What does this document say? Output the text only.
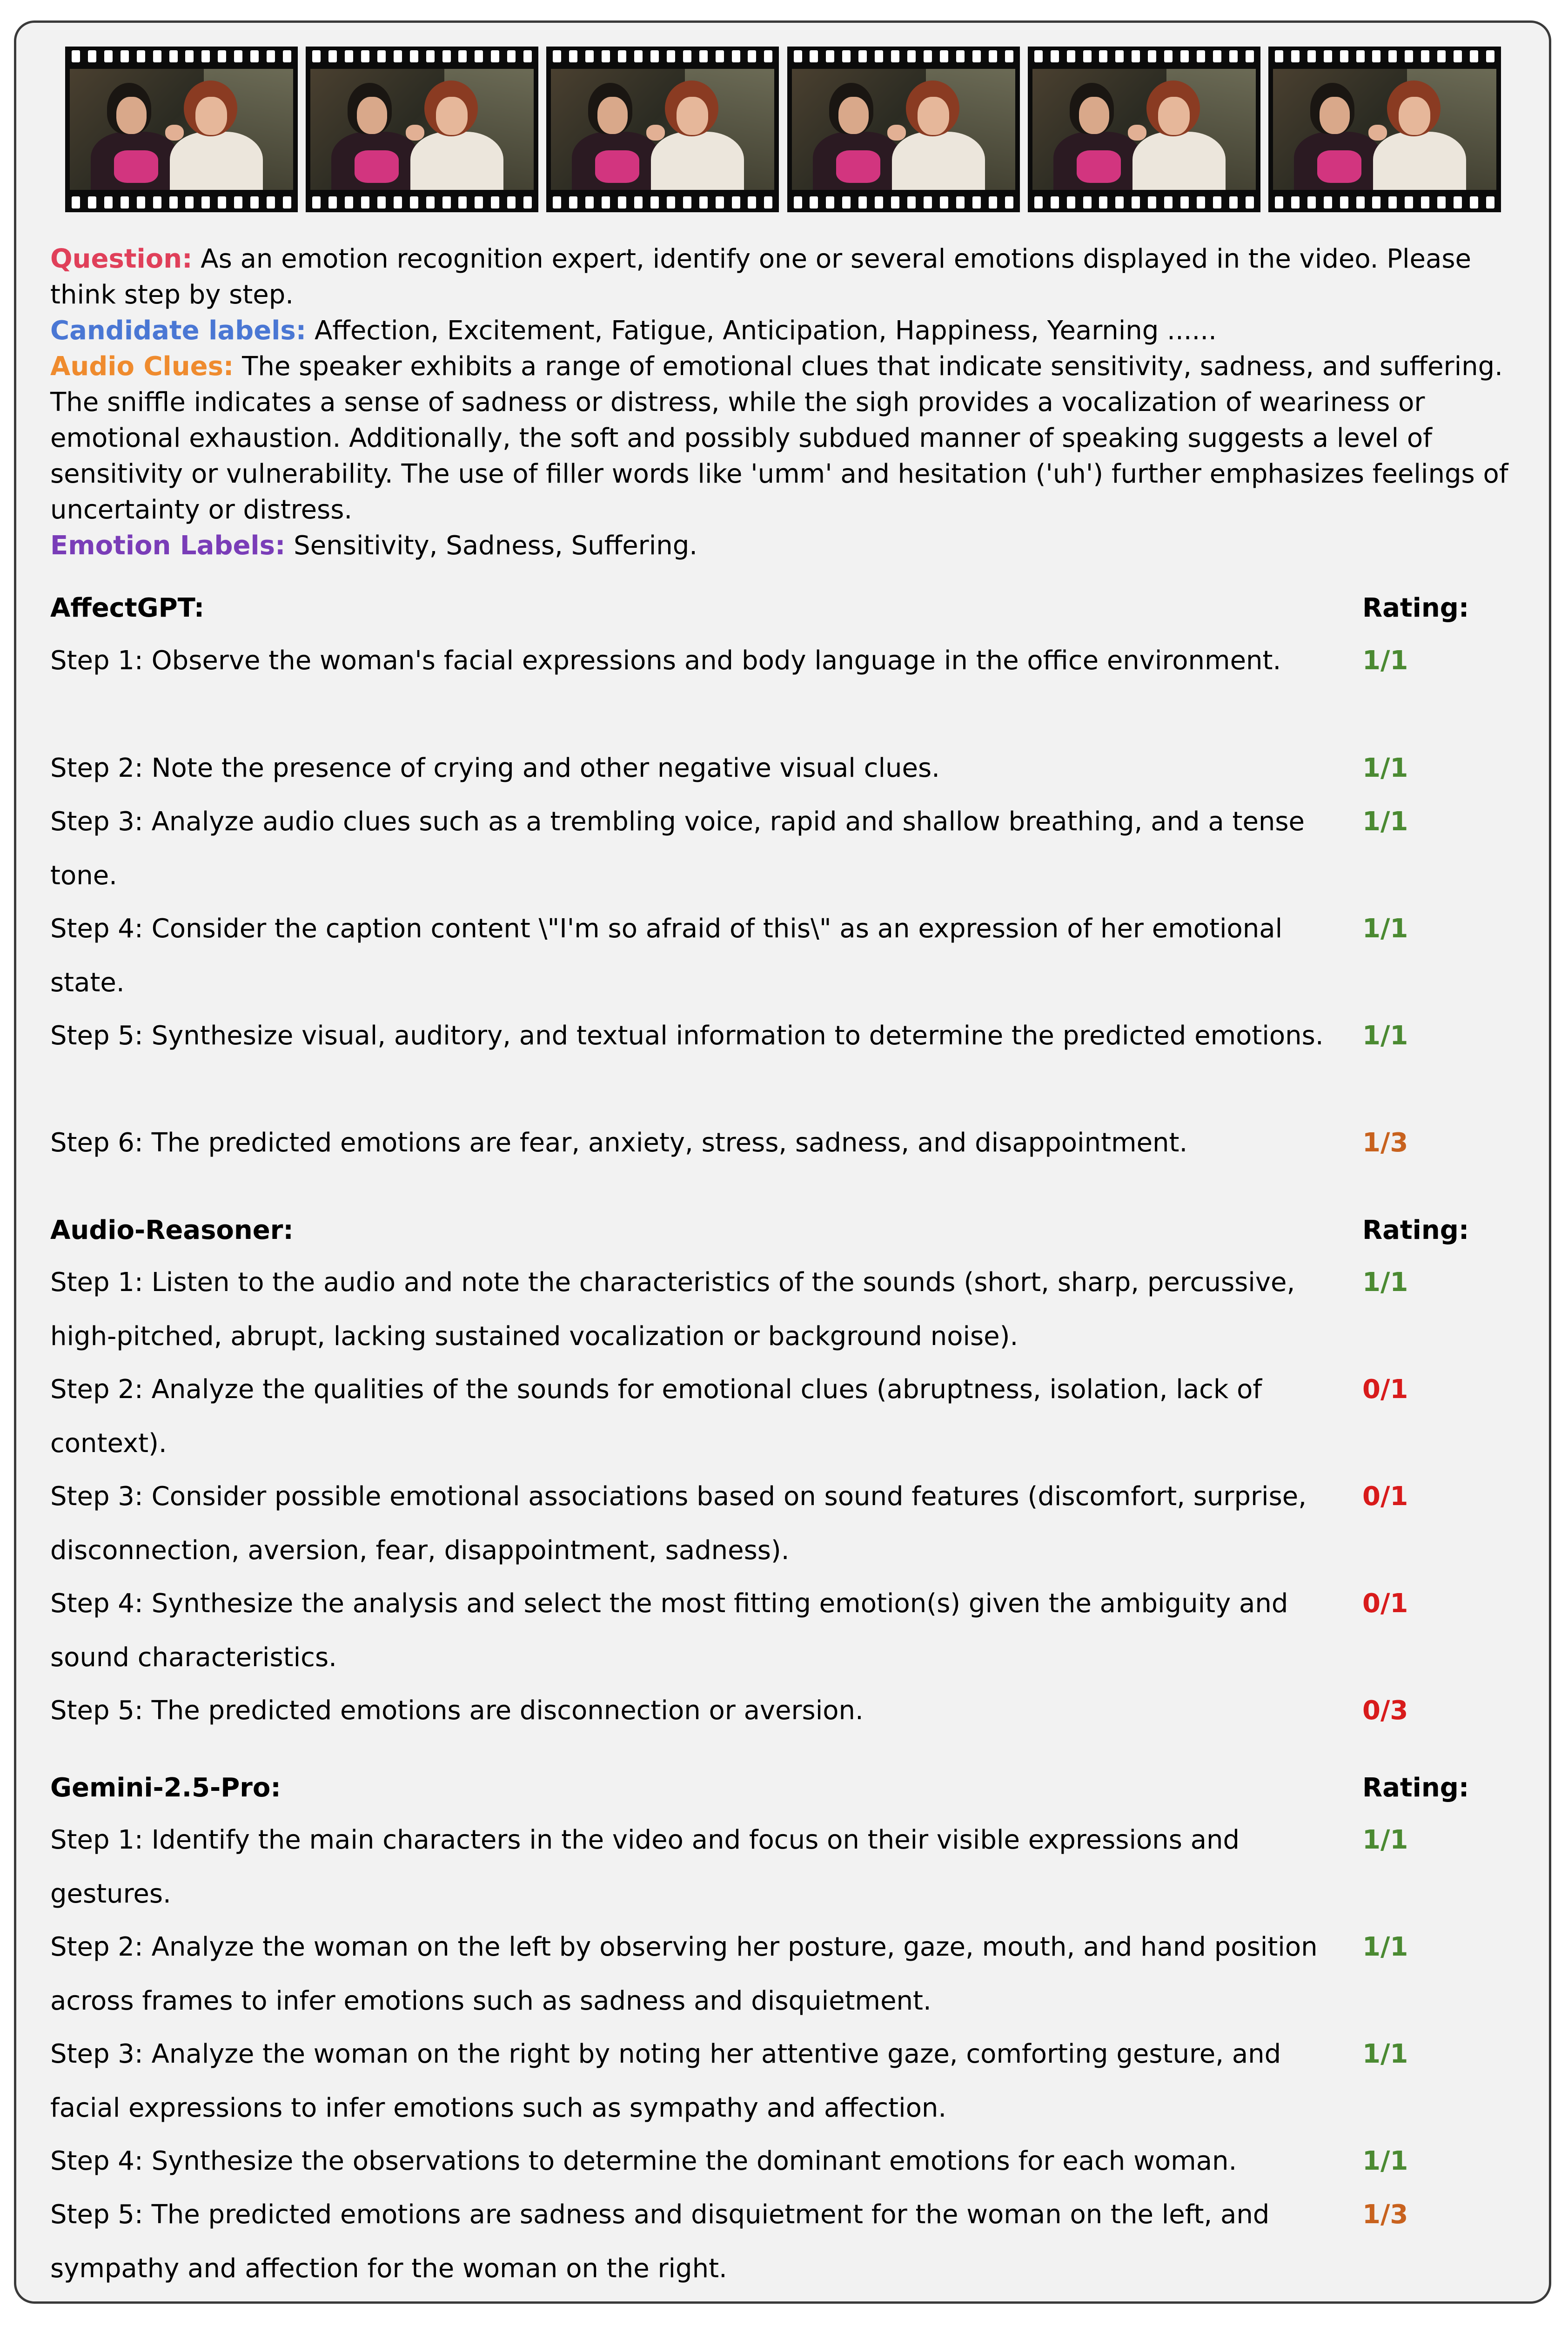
Question: As an emotion recognition expert, identify one or several emotions displayed in the video. Please think step by step.

Candidate labels: Affection, Excitement, Fatigue, Anticipation, Happiness, Yearning ......

Audio Clues: The speaker exhibits a range of emotional clues that indicate sensitivity, sadness, and suffering. The sniffle indicates a sense of sadness or distress, while the sigh provides a vocalization of weariness or emotional exhaustion. Additionally, the soft and possibly subdued manner of speaking suggests a level of sensitivity or vulnerability. The use of filler words like 'umm' and hesitation ('uh') further emphasizes feelings of uncertainty or distress.

Emotion Labels: Sensitivity, Sadness, Suffering.

AffectGPT:	Rating:
Step 1: Observe the woman's facial expressions and body language in the office environment.	1/1
Step 2: Note the presence of crying and other negative visual clues.	1/1
Step 3: Analyze audio clues such as a trembling voice, rapid and shallow breathing, and a tense tone.
1/1
Step 4: Consider the caption content \"I'm so afraid of this\" as an expression of her emotional state.
1/1
Step 5: Synthesize visual, auditory, and textual information to determine the predicted emotions.	1/1
Step 6: The predicted emotions are fear, anxiety, stress, sadness, and disappointment.	1/3
Audio-Reasoner:	Rating:
Step 1: Listen to the audio and note the characteristics of the sounds (short, sharp, percussive, high-pitched, abrupt, lacking sustained vocalization or background noise).
1/1
Step 2: Analyze the qualities of the sounds for emotional clues (abruptness, isolation, lack of context).
0/1
Step 3: Consider possible emotional associations based on sound features (discomfort, surprise, disconnection, aversion, fear, disappointment, sadness).
0/1
Step 4: Synthesize the analysis and select the most fitting emotion(s) given the ambiguity and sound characteristics.
0/1
Step 5: The predicted emotions are disconnection or aversion.	0/3
Gemini-2.5-Pro:	Rating:
Step 1: Identify the main characters in the video and focus on their visible expressions and gestures.
1/1
Step 2: Analyze the woman on the left by observing her posture, gaze, mouth, and hand position across frames to infer emotions such as sadness and disquietment.
1/1
Step 3: Analyze the woman on the right by noting her attentive gaze, comforting gesture, and facial expressions to infer emotions such as sympathy and affection.
1/1
Step 4: Synthesize the observations to determine the dominant emotions for each woman.	1/1
Step 5: The predicted emotions are sadness and disquietment for the woman on the left, and sympathy and affection for the woman on the right.
1/3
